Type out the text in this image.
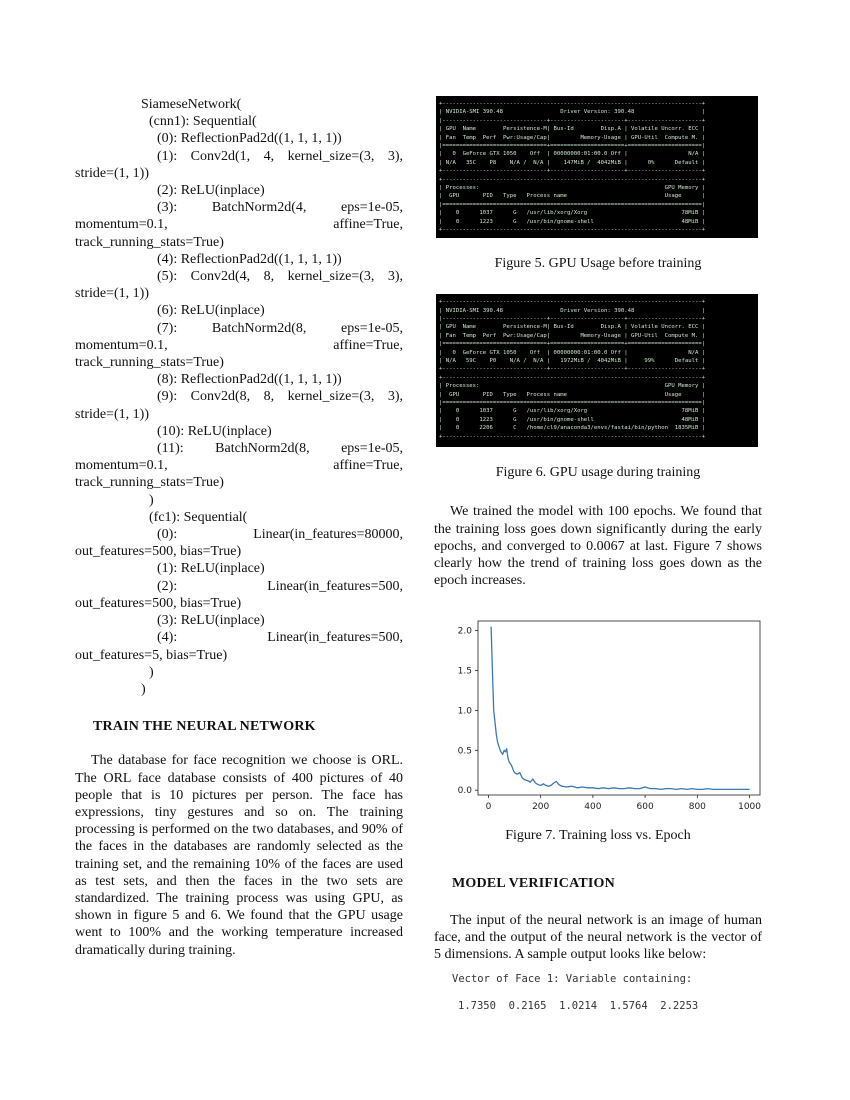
SiameseNetwork(
(cnn1): Sequential(
(0): ReflectionPad2d((1, 1, 1, 1))
(1): Conv2d(1, 4, kernel_size=(3, 3),
stride=(1, 1))
(2): ReLU(inplace)
(3): BatchNorm2d(4, eps=1e-05,
momentum=0.1, affine=True,
track_running_stats=True)
(4): ReflectionPad2d((1, 1, 1, 1))
(5): Conv2d(4, 8, kernel_size=(3, 3),
stride=(1, 1))
(6): ReLU(inplace)
(7): BatchNorm2d(8, eps=1e-05,
momentum=0.1, affine=True,
track_running_stats=True)
(8): ReflectionPad2d((1, 1, 1, 1))
(9): Conv2d(8, 8, kernel_size=(3, 3),
stride=(1, 1))
(10): ReLU(inplace)
(11): BatchNorm2d(8, eps=1e-05,
momentum=0.1, affine=True,
track_running_stats=True)
)
(fc1): Sequential(
(0): Linear(in_features=80000,
out_features=500, bias=True)
(1): ReLU(inplace)
(2): Linear(in_features=500,
out_features=500, bias=True)
(3): ReLU(inplace)
(4): Linear(in_features=500,
out_features=5, bias=True)
)
)
TRAIN THE NEURAL NETWORK

The database for face recognition we choose is ORL. The ORL face database consists of 400 pictures of 40 people that is 10 pictures per person. The face has expressions, tiny gestures and so on. The training processing is performed on the two databases, and 90% of the faces in the databases are randomly selected as the training set, and the remaining 10% of the faces are used as test sets, and then the faces in the two sets are standardized. The training process was using GPU, as shown in figure 5 and 6. We found that the GPU usage went to 100% and the working temperature increased dramatically during training.

+-----------------------------------------------------------------------------+
| NVIDIA-SMI 390.48                 Driver Version: 390.48                    |
|-------------------------------+----------------------+----------------------+
| GPU  Name        Persistence-M| Bus-Id        Disp.A | Volatile Uncorr. ECC |
| Fan  Temp  Perf  Pwr:Usage/Cap|         Memory-Usage | GPU-Util  Compute M. |
|===============================+======================+======================|
|   0  GeForce GTX 1050    Off  | 00000000:01:00.0 Off |                  N/A |
| N/A   35C    P8    N/A /  N/A |    147MiB /  4042MiB |      0%      Default |
+-------------------------------+----------------------+----------------------+
+-----------------------------------------------------------------------------+
| Processes:                                                       GPU Memory |
|  GPU       PID   Type   Process name                             Usage      |
|=============================================================================|
|    0      1037      G   /usr/lib/xorg/Xorg                            78MiB |
|    0      1223      G   /usr/bin/gnome-shell                          48MiB |
+-----------------------------------------------------------------------------+
Figure 5. GPU Usage before training
+-----------------------------------------------------------------------------+
| NVIDIA-SMI 390.48                 Driver Version: 390.48                    |
|-------------------------------+----------------------+----------------------+
| GPU  Name        Persistence-M| Bus-Id        Disp.A | Volatile Uncorr. ECC |
| Fan  Temp  Perf  Pwr:Usage/Cap|         Memory-Usage | GPU-Util  Compute M. |
|===============================+======================+======================|
|   0  GeForce GTX 1050    Off  | 00000000:01:00.0 Off |                  N/A |
| N/A   59C    P0    N/A /  N/A |   1972MiB /  4042MiB |     99%      Default |
+-------------------------------+----------------------+----------------------+
+-----------------------------------------------------------------------------+
| Processes:                                                       GPU Memory |
|  GPU       PID   Type   Process name                             Usage      |
|=============================================================================|
|    0      1037      G   /usr/lib/xorg/Xorg                            78MiB |
|    0      1223      G   /usr/bin/gnome-shell                          48MiB |
|    0      2206      C   /home/cl9/anaconda3/envs/fastai/bin/python  1835MiB |
+-----------------------------------------------------------------------------+
Figure 6. GPU usage during training

We trained the model with 100 epochs. We found that the training loss goes down significantly during the early epochs, and converged to 0.0067 at last. Figure 7 shows clearly how the trend of training loss goes down as the epoch increases.

0	200	400	600	800	1000
0.0
0.5
1.0
1.5
2.0
Figure 7. Training loss vs. Epoch
MODEL VERIFICATION

The input of the neural network is an image of human face, and the output of the neural network is the vector of 5 dimensions. A sample output looks like below:

Vector of Face 1: Variable containing:
1.7350  0.2165  1.0214  1.5764  2.2253
